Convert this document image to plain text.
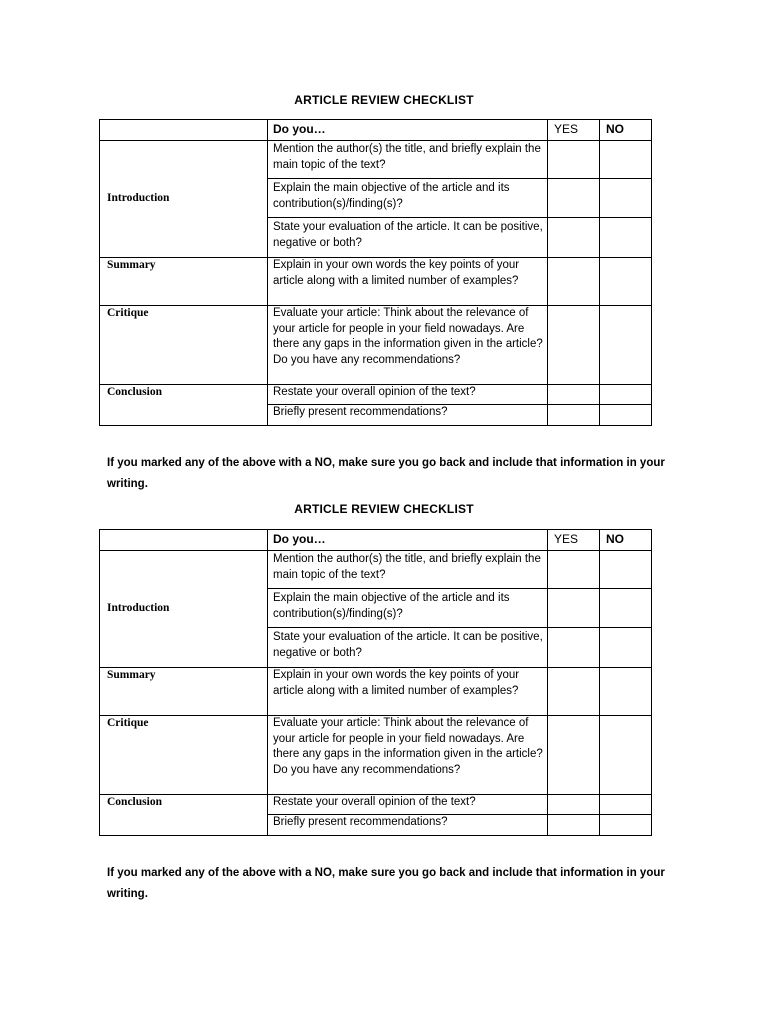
ARTICLE REVIEW CHECKLIST
	Do you…	YES	NO
Introduction	Mention the author(s) the title, and briefly explain the main topic of the text?		
	Explain the main objective of the article and its contribution(s)/finding(s)?		
	State your evaluation of the article. It can be positive, negative or both?		
Summary	Explain in your own words the key points of your article along with a limited number of examples?		
Critique	Evaluate your article: Think about the relevance of your article for people in your field nowadays. Are there any gaps in the information given in the article? Do you have any recommendations?		
Conclusion	Restate your overall opinion of the text?		
	Briefly present recommendations?		
If you marked any of the above with a NO, make sure you go back and include that information in your writing.
ARTICLE REVIEW CHECKLIST
	Do you…	YES	NO
Introduction	Mention the author(s) the title, and briefly explain the main topic of the text?		
	Explain the main objective of the article and its contribution(s)/finding(s)?		
	State your evaluation of the article. It can be positive, negative or both?		
Summary	Explain in your own words the key points of your article along with a limited number of examples?		
Critique	Evaluate your article: Think about the relevance of your article for people in your field nowadays. Are there any gaps in the information given in the article? Do you have any recommendations?		
Conclusion	Restate your overall opinion of the text?		
	Briefly present recommendations?		
If you marked any of the above with a NO, make sure you go back and include that information in your writing.
